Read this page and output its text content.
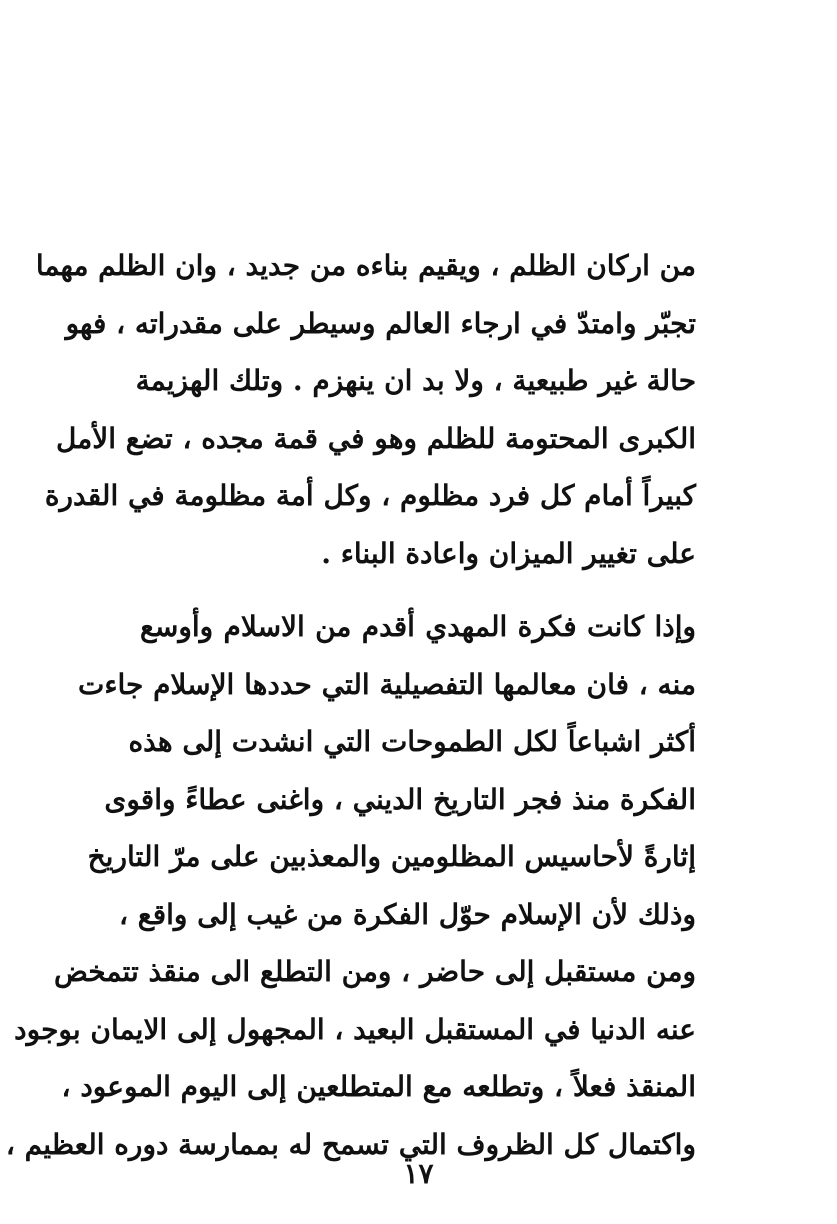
من اركان الظلم ، ويقيم بناءه من جديد ، وان الظلم مهما
تجبّر وامتدّ في ارجاء العالم وسيطر على مقدراته ، فهو
حالة غير طبيعية ، ولا بد ان ينهزم . وتلك الهزيمة
الكبرى المحتومة للظلم وهو في قمة مجده ، تضع الأمل
كبيراً أمام كل فرد مظلوم ، وكل أمة مظلومة في القدرة
على تغيير الميزان واعادة البناء .
وإذا كانت فكرة المهدي أقدم من الاسلام وأوسع
منه ، فان معالمها التفصيلية التي حددها الإسلام جاءت
أكثر اشباعاً لكل الطموحات التي انشدت إلى هذه
الفكرة منذ فجر التاريخ الديني ، واغنى عطاءً واقوى
إثارةً لأحاسيس المظلومين والمعذبين على مرّ التاريخ
وذلك لأن الإسلام حوّل الفكرة من غيب إلى واقع ،
ومن مستقبل إلى حاضر ، ومن التطلع الى منقذ تتمخض
عنه الدنيا في المستقبل البعيد ، المجهول إلى الايمان بوجود
المنقذ فعلاً ، وتطلعه مع المتطلعين إلى اليوم الموعود ،
واكتمال كل الظروف التي تسمح له بممارسة دوره العظيم ،
١٧
